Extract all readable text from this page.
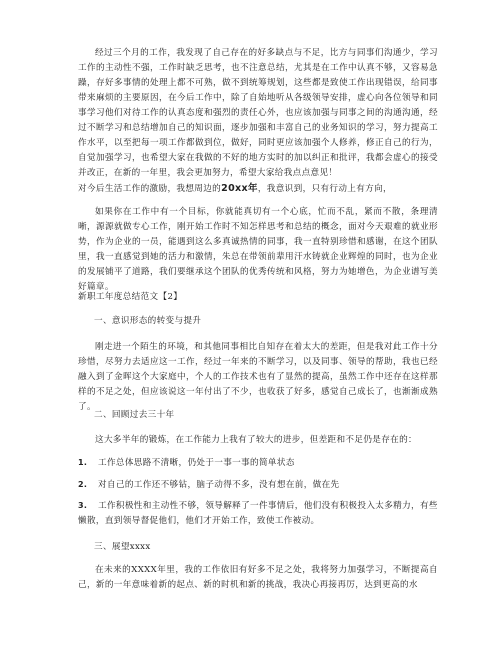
经过三个月的工作，我发现了自己存在的好多缺点与不足，比方与同事们沟通少，学习工作的主动性不强，工作时缺乏思考，也不注意总结，尤其是在工作中认真不够，又容易急躁，存好多事情的处理上都不可熟，做不到统筹规划，这些都是致使工作出现错误，给同事带来麻烦的主要原因，在今后工作中，除了自始地听从各级领导安排，虚心向各位领导和同事学习他们对待工作的认真态度和强烈的责任心外，也应该加强与同事之间的沟通沟通，经过不断学习和总结增加自己的知识面，逐步加强和丰富自己的业务知识的学习，努力提高工作水平，以至把每一项工作都做到位，做好，同时更应该加强个人修养，修正自己的行为，自觉加强学习，也希望大家在我做的不好的地方实时的加以纠正和批评，我都会虚心的接受并改正，在新的一年里，我会更加努力，希望大家给我点点意见！

对今后生活工作的激励，我想周边的20xx年，我意识到，只有行动上有方向，

如果你在工作中有一个目标，你就能真切有一个心底，忙而不乱，紧而不散，条理清晰，源源就做专心工作，刚开始工作时不知怎样思考和总结的概念，面对今天艰难的就业形势，作为企业的一员，能遇到这么多真诚热情的同事，我一直特别珍惜和感谢，在这个团队里，我一直感觉到她的活力和激情，朱总在带领前辈用汗水铸就企业辉煌的同时，也为企业的发展铺平了道路，我们要继承这个团队的优秀传统和风格，努力为她增色，为企业谱写美好篇章。

新职工年度总结范文【2】

一、意识形态的转变与提升

刚走进一个陌生的环境，和其他同事相比自知存在着太大的差距，但是我对此工作十分珍惜，尽努力去适应这一工作，经过一年来的不断学习，以及同事、领导的帮助，我也已经融入到了金晖这个大家庭中，个人的工作技术也有了显然的提高，虽然工作中还存在这样那样的不足之处，但应该说这一年付出了不少，也收获了好多，感觉自己成长了，也渐渐成熟了。

二、回顾过去三十年

这大多半年的锻炼，在工作能力上我有了较大的进步，但差距和不足仍是存在的：

1. 工作总体思路不清晰，仍处于一事一事的简单状态

2. 对自己的工作还不够钻，脑子动得不多，没有想在前，做在先

3. 工作积极性和主动性不够，领导解释了一件事情后，他们没有积极投入太多精力，有些懒散，直到领导督促他们，他们才开始工作，致使工作被动。

三、展望xxxx

在未来的XXXX年里，我的工作依旧有好多不足之处，我将努力加强学习，不断提高自己，新的一年意味着新的起点、新的时机和新的挑战，我决心再接再厉，达到更高的水
